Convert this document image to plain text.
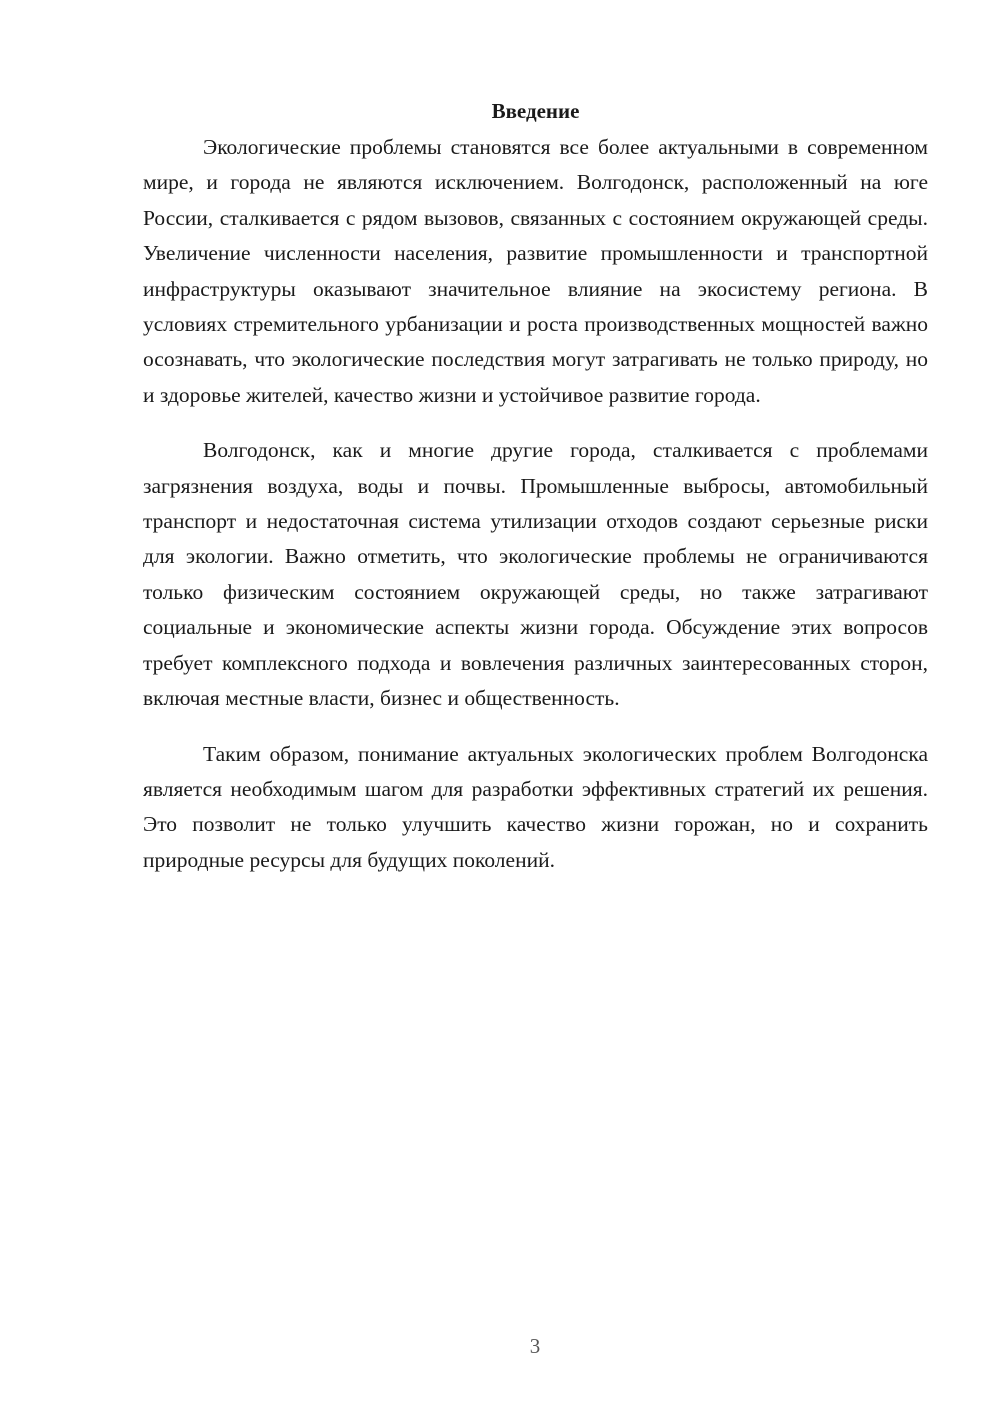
Введение

Экологические проблемы становятся все более актуальными в современном мире, и города не являются исключением. Волгодонск, расположенный на юге России, сталкивается с рядом вызовов, связанных с состоянием окружающей среды. Увеличение численности населения, развитие промышленности и транспортной инфраструктуры оказывают значительное влияние на экосистему региона. В условиях стремительного урбанизации и роста производственных мощностей важно осознавать, что экологические последствия могут затрагивать не только природу, но и здоровье жителей, качество жизни и устойчивое развитие города.

Волгодонск, как и многие другие города, сталкивается с проблемами загрязнения воздуха, воды и почвы. Промышленные выбросы, автомобильный транспорт и недостаточная система утилизации отходов создают серьезные риски для экологии. Важно отметить, что экологические проблемы не ограничиваются только физическим состоянием окружающей среды, но также затрагивают социальные и экономические аспекты жизни города. Обсуждение этих вопросов требует комплексного подхода и вовлечения различных заинтересованных сторон, включая местные власти, бизнес и общественность.

Таким образом, понимание актуальных экологических проблем Волгодонска является необходимым шагом для разработки эффективных стратегий их решения. Это позволит не только улучшить качество жизни горожан, но и сохранить природные ресурсы для будущих поколений.

3
